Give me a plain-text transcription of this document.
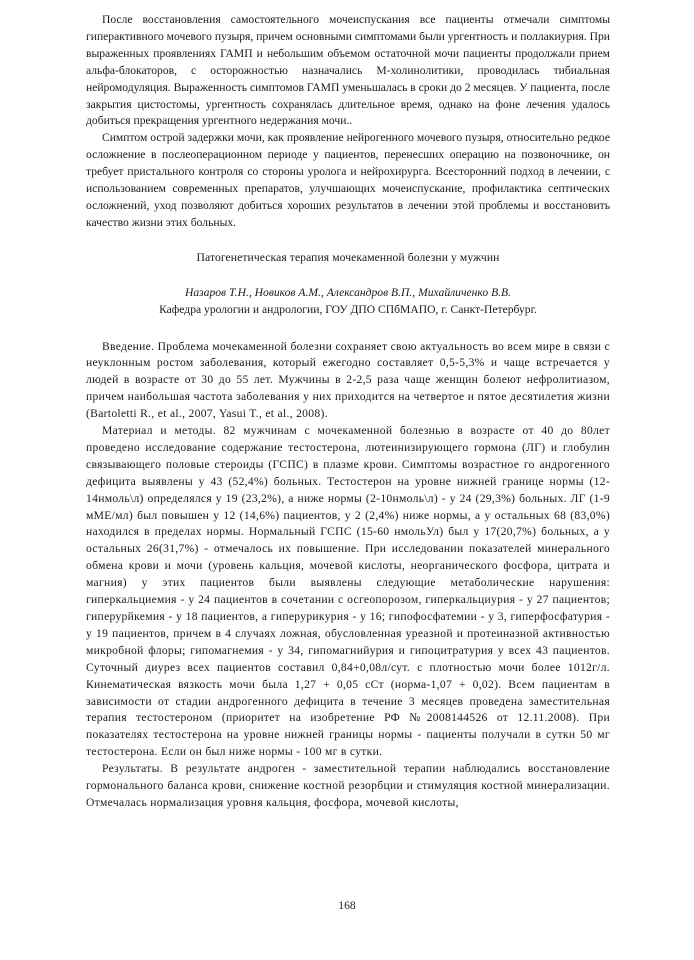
После восстановления самостоятельного мочеиспускания все пациенты отмечали симптомы гиперактивного мочевого пузыря, причем основными симптомами были ургентность и поллакиурия. При выраженных проявлениях ГАМП и небольшим объемом остаточной мочи пациенты продолжали прием альфа-блокаторов, с осторожностью назначались М-холинолитики, проводилась тибиальная нейромодуляция. Выраженность симптомов ГАМП уменьшалась в сроки до 2 месяцев. У пациента, после закрытия цистостомы, ургентность сохранялась длительное время, однако на фоне лечения удалось добиться прекращения ургентного недержания мочи..

Симптом острой задержки мочи, как проявление нейрогенного мочевого пузыря, относительно редкое осложнение в послеоперационном периоде у пациентов, перенесших операцию на позвоночнике, он требует пристального контроля со стороны уролога и нейрохирурга. Всесторонний подход в лечении, с использованием современных препаратов, улучшающих мочеиспускание, профилактика септических осложнений, уход позволяют добиться хороших результатов в лечении этой проблемы и восстановить качество жизни этих больных.

Патогенетическая терапия мочекаменной болезни у мужчин

Назаров Т.Н., Новиков А.М., Александров В.П., Михайличенко В.В.

Кафедра урологии и андрологии, ГОУ ДПО СПбМАПО, г. Санкт-Петербург.

Введение. Проблема мочекаменной болезни сохраняет свою актуальность во всем мире в связи с неуклонным ростом заболевания, который ежегодно составляет 0,5-5,3% и чаще встречается у людей в возрасте от 30 до 55 лет. Мужчины в 2-2,5 раза чаще женщин болеют нефролитиазом, причем наибольшая частота заболевания у них приходится на четвертое и пятое десятилетия жизни (Bartoletti R., et al., 2007, Yasui T., et al., 2008).

Материал и методы. 82 мужчинам с мочекаменной болезнью в возрасте от 40 до 80лет проведено исследование содержание тестостерона, лютеинизирующего гормона (ЛГ) и глобулин связывающего половые стероиды (ГСПС) в плазме крови. Симптомы возрастное го андрогенного дефицита выявлены у 43 (52,4%) больных. Тестостерон на уровне нижней границе нормы (12-14нмоль\л) определялся у 19 (23,2%), а ниже нормы (2-10нмоль\л) - у 24 (29,3%) больных. ЛГ (1-9 мМЕ/мл) был повышен у 12 (14,6%) пациентов, у 2 (2,4%) ниже нормы, а у остальных 68 (83,0%) находился в пределах нормы. Нормальный ГСПС (15-60 нмольУл) был у 17(20,7%) больных, а у остальных 26(31,7%) - отмечалось их повышение. При исследовании показателей минерального обмена крови и мочи (уровень кальция, мочевой кислоты, неорганического фосфора, цитрата и магния) у этих пациентов были выявлены следующие метаболические нарушения: гиперкальциемия - у 24 пациентов в сочетании с осгеопорозом, гиперкальциурия - у 27 пациентов; гиперурйкемия - у 18 пациентов, а гиперурикурия - у 16; гипофосфатемии - у 3, гиперфосфатурия - у 19 пациентов, причем в 4 случаях ложная, обусловленная уреазной и протеиназной активностью микробной флоры; гипомагнемия - у 34, гипомагнийурия и гипоцитратурия у всех 43 пациентов. Суточный диурез всех пациентов составил 0,84+0,08л/сут. с плотностью мочи более 1012г/л. Кинематическая вязкость мочи была 1,27 + 0,05 сСт (норма-1,07 + 0,02). Всем пациентам в зависимости от стадии андрогенного дефицита в течение 3 месяцев проведена заместительная терапия тестостероном (приоритет на изобретение РФ №2008144526 от 12.11.2008). При показателях тестостерона на уровне нижней границы нормы - пациенты получали в сутки 50 мг тестостерона. Если он был ниже нормы - 100 мг в сутки.

Результаты. В результате андроген - заместительной терапии наблюдались восстановление гормонального баланса крови, снижение костной резорбции и стимуляция костной минерализации. Отмечалась нормализация уровня кальция, фосфора, мочевой кислоты,

168
